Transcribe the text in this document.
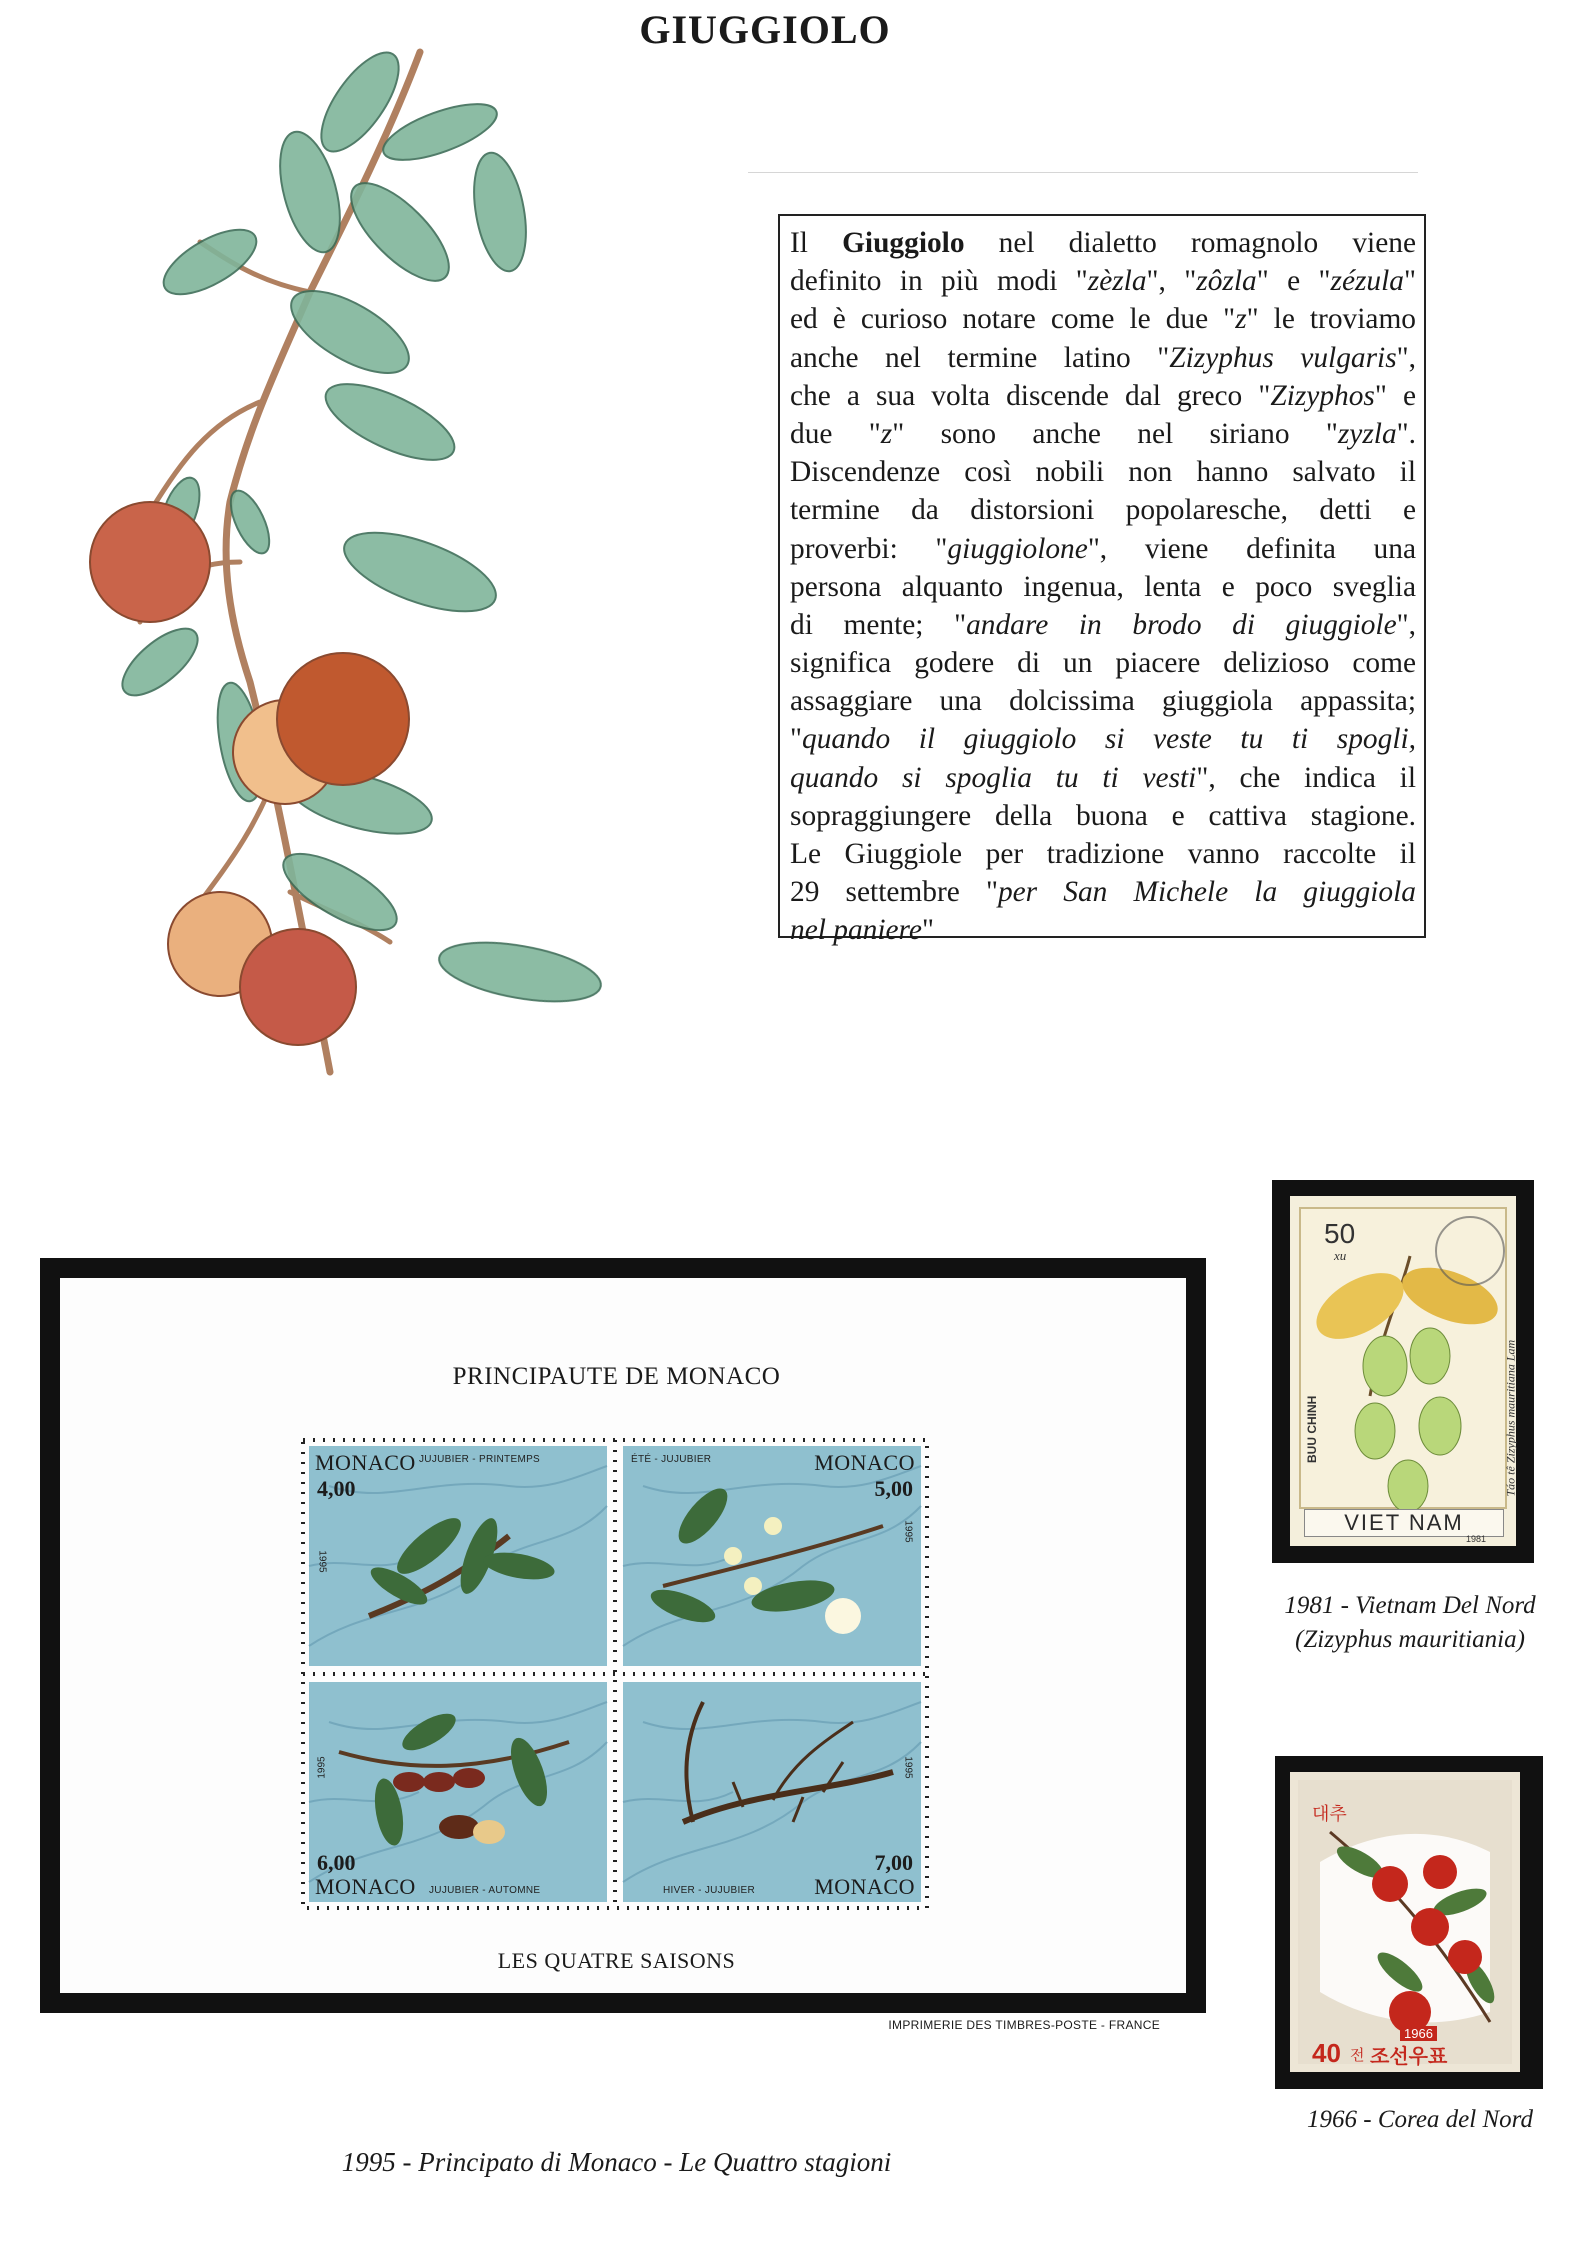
GIUGGIOLO
Il Giuggiolo nel dialetto romagnolo viene
definito in più modi "zèzla", "zôzla" e "zézula"
ed è curioso notare come le due "z" le troviamo
anche nel termine latino "Zizyphus vulgaris",
che a sua volta discende dal greco "Zizyphos" e
due "z" sono anche nel siriano "zyzla".
Discendenze così nobili non hanno salvato il
termine da distorsioni popolaresche, detti e
proverbi: "giuggiolone", viene definita una
persona alquanto ingenua, lenta e poco sveglia
di mente; "andare in brodo di giuggiole",
significa godere di un piacere delizioso come
assaggiare una dolcissima giuggiola appassita;
"quando il giuggiolo si veste tu ti spogli,
quando si spoglia tu ti vesti", che indica il
sopraggiungere della buona e cattiva stagione.
Le Giuggiole per tradizione vanno raccolte il
29 settembre "per San Michele la giuggiola
nel paniere"
PRINCIPAUTE DE MONACO
MONACO
4,00
JUJUBIER - PRINTEMPS
1995
MONACO
5,00
ÉTÉ - JUJUBIER
1995
MONACO
6,00
JUJUBIER - AUTOMNE
1995
MONACO
7,00
HIVER - JUJUBIER
1995
LES QUATRE SAISONS
IMPRIMERIE DES TIMBRES-POSTE - FRANCE
1995 - Principato di Monaco - Le Quattro stagioni
50
xu
BUU CHINH	Táo tê Zizyphus mauritiana Lam
VIET NAM
1981
1981 - Vietnam Del Nord
(Zizyphus mauritiania)
대추
1966
40 전 조선우표
1966 - Corea del Nord
